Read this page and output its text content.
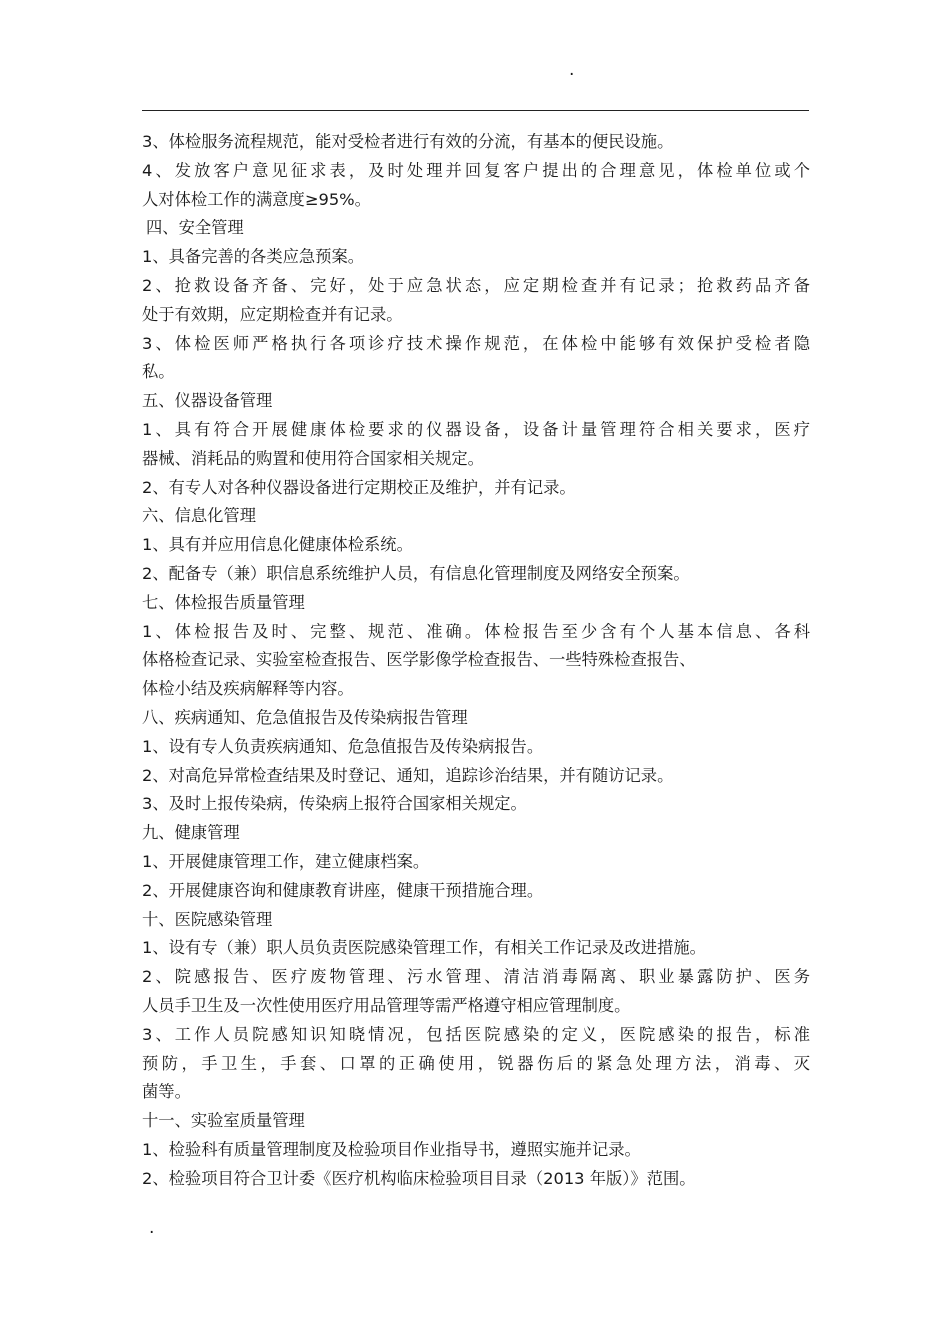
.
3、体检服务流程规范，能对受检者进行有效的分流，有基本的便民设施。
4、发放客户意见征求表，及时处理并回复客户提出的合理意见，体检单位或个
人对体检工作的满意度≥95%。
四、安全管理
1、具备完善的各类应急预案。
2、抢救设备齐备、完好，处于应急状态，应定期检查并有记录；抢救药品齐备
处于有效期，应定期检查并有记录。
3、体检医师严格执行各项诊疗技术操作规范，在体检中能够有效保护受检者隐
私。
五、仪器设备管理
1、具有符合开展健康体检要求的仪器设备，设备计量管理符合相关要求，医疗
器械、消耗品的购置和使用符合国家相关规定。
2、有专人对各种仪器设备进行定期校正及维护，并有记录。
六、信息化管理
1、具有并应用信息化健康体检系统。
2、配备专（兼）职信息系统维护人员，有信息化管理制度及网络安全预案。
七、体检报告质量管理
1、体检报告及时、完整、规范、准确。体检报告至少含有个人基本信息、各科
体格检查记录、实验室检查报告、医学影像学检查报告、一些特殊检查报告、
体检小结及疾病解释等内容。
八、疾病通知、危急值报告及传染病报告管理
1、设有专人负责疾病通知、危急值报告及传染病报告。
2、对高危异常检查结果及时登记、通知，追踪诊治结果，并有随访记录。
3、及时上报传染病，传染病上报符合国家相关规定。
九、健康管理
1、开展健康管理工作，建立健康档案。
2、开展健康咨询和健康教育讲座，健康干预措施合理。
十、医院感染管理
1、设有专（兼）职人员负责医院感染管理工作，有相关工作记录及改进措施。
2、院感报告、医疗废物管理、污水管理、清洁消毒隔离、职业暴露防护、医务
人员手卫生及一次性使用医疗用品管理等需严格遵守相应管理制度。
3、工作人员院感知识知晓情况，包括医院感染的定义，医院感染的报告，标准
预防，手卫生，手套、口罩的正确使用，锐器伤后的紧急处理方法，消毒、灭
菌等。
十一、实验室质量管理
1、检验科有质量管理制度及检验项目作业指导书，遵照实施并记录。
2、检验项目符合卫计委《医疗机构临床检验项目目录（2013 年版）》范围。
.
